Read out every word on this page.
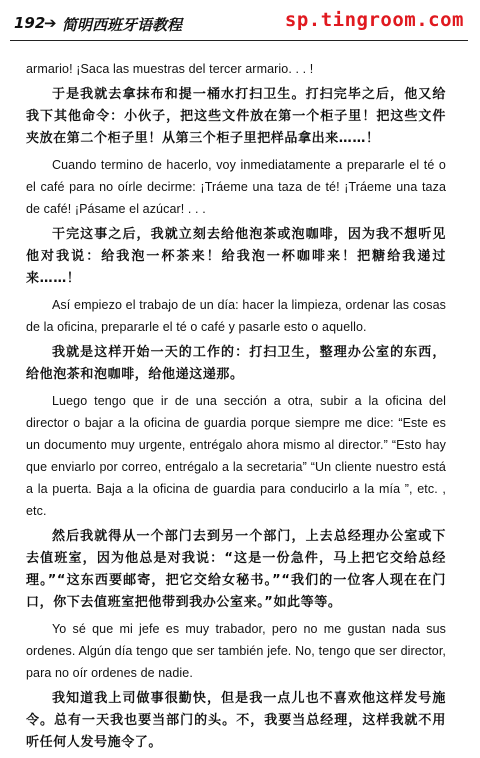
192
➔ 简明西班牙语教程	sp.tingroom.com

armario! ¡Saca las muestras del tercer armario. . . !

于是我就去拿抹布和提一桶水打扫卫生。打扫完毕之后，他又给我下其他命令：小伙子，把这些文件放在第一个柜子里！把这些文件夹放在第二个柜子里！从第三个柜子里把样品拿出来……！

Cuando termino de hacerlo, voy inmediatamente a prepararle el té o el café para no oírle decirme: ¡Tráeme una taza de té! ¡Tráeme una taza de café! ¡Pásame el azúcar! . . .

干完这事之后，我就立刻去给他泡茶或泡咖啡，因为我不想听见他对我说：给我泡一杯茶来！给我泡一杯咖啡来！把糖给我递过来……！

Así empiezo el trabajo de un día: hacer la limpieza, ordenar las cosas de la oficina, prepararle el té o café y pasarle esto o aquello.

我就是这样开始一天的工作的：打扫卫生，整理办公室的东西，给他泡茶和泡咖啡，给他递这递那。

Luego tengo que ir de una sección a otra, subir a la oficina del director o bajar a la oficina de guardia porque siempre me dice: “Este es un documento muy urgente, entrégalo ahora mismo al director.” “Esto hay que enviarlo por correo, entrégalo a la secretaria” “Un cliente nuestro está a la puerta. Baja a la oficina de guardia para conducirlo a la mía ”, etc. , etc.

然后我就得从一个部门去到另一个部门，上去总经理办公室或下去值班室，因为他总是对我说：“这是一份急件，马上把它交给总经理。”“这东西要邮寄，把它交给女秘书。”“我们的一位客人现在在门口，你下去值班室把他带到我办公室来。”如此等等。

Yo sé que mi jefe es muy trabador, pero no me gustan nada sus ordenes. Algún día tengo que ser también jefe. No, tengo que ser director, para no oír ordenes de nadie.

我知道我上司做事很勤快，但是我一点儿也不喜欢他这样发号施令。总有一天我也要当部门的头。不，我要当总经理，这样我就不用听任何人发号施令了。
